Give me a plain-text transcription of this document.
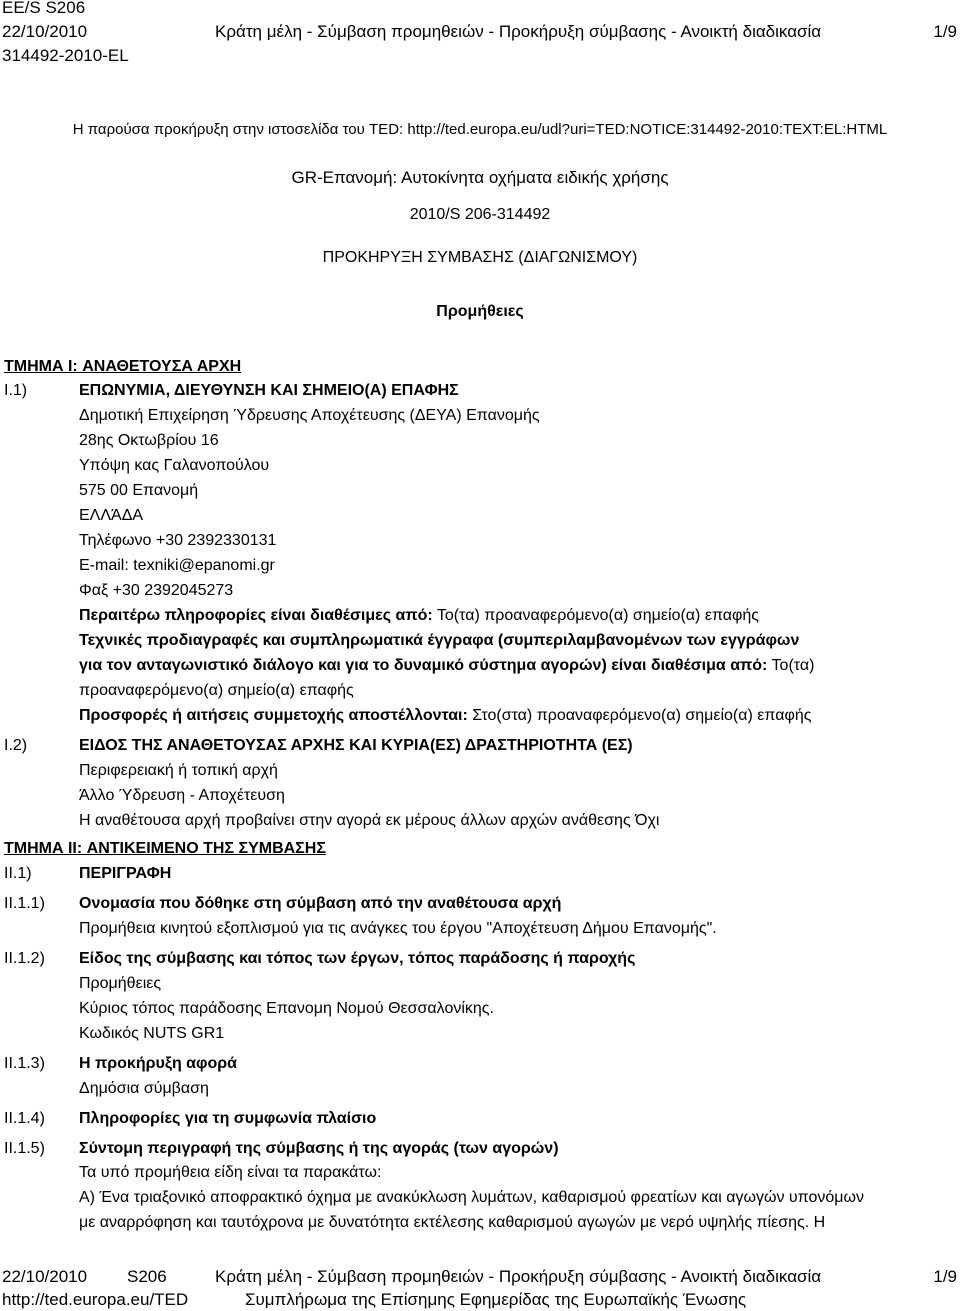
EE/S S206
22/10/2010
314492-2010-EL
Κράτη μέλη - Σύμβαση προμηθειών - Προκήρυξη σύμβασης - Ανοικτή διαδικασία	1/9
Η παρούσα προκήρυξη στην ιστοσελίδα του TED: http://ted.europa.eu/udl?uri=TED:NOTICE:314492-2010:TEXT:EL:HTML
GR-Επανομή: Αυτοκίνητα οχήματα ειδικής χρήσης
2010/S 206-314492
ΠΡΟΚΗΡΥΞΗ ΣΥΜΒΑΣΗΣ (ΔΙΑΓΩΝΙΣΜΟΥ)
Προμήθειες
ΤΜΗΜΑ I: ΑΝΑΘΕΤΟΥΣΑ ΑΡΧΗ
I.1)	ΕΠΩΝΥΜΙΑ, ΔΙΕΥΘΥΝΣΗ ΚΑΙ ΣΗΜΕΙΟ(Α) ΕΠΑΦΗΣ
Δημοτική Επιχείρηση Ύδρευσης Αποχέτευσης (ΔΕΥΑ) Επανομής
28ης Οκτωβρίου 16
Υπόψη κας Γαλανοπούλου
575 00 Επανομή
ΕΛΛΆΔΑ
Τηλέφωνο +30 2392330131
E-mail: texniki@epanomi.gr
Φαξ +30 2392045273
Περαιτέρω πληροφορίες είναι διαθέσιμες από: Το(τα) προαναφερόμενο(α) σημείο(α) επαφής
Τεχνικές προδιαγραφές και συμπληρωματικά έγγραφα (συμπεριλαμβανομένων των εγγράφων
για τον ανταγωνιστικό διάλογο και για το δυναμικό σύστημα αγορών) είναι διαθέσιμα από: Το(τα)
προαναφερόμενο(α) σημείο(α) επαφής
Προσφορές ή αιτήσεις συμμετοχής αποστέλλονται: Στο(στα) προαναφερόμενο(α) σημείο(α) επαφής
I.2)	ΕΙΔΟΣ ΤΗΣ ΑΝΑΘΕΤΟΥΣΑΣ ΑΡΧΗΣ ΚΑΙ ΚΥΡΙΑ(ΕΣ) ΔΡΑΣΤΗΡΙΟΤΗΤΑ (ΕΣ)
Περιφερειακή ή τοπική αρχή
Άλλο Ύδρευση - Αποχέτευση
Η αναθέτουσα αρχή προβαίνει στην αγορά εκ μέρους άλλων αρχών ανάθεσης Όχι
ΤΜΗΜΑ II: ΑΝΤΙΚΕΙΜΕΝΟ ΤΗΣ ΣΥΜΒΑΣΗΣ
II.1)	ΠΕΡΙΓΡΑΦΗ
II.1.1) Ονομασία που δόθηκε στη σύμβαση από την αναθέτουσα αρχή
Προμήθεια κινητού εξοπλισμού για τις ανάγκες του έργου "Αποχέτευση Δήμου Επανομής".
II.1.2) Είδος της σύμβασης και τόπος των έργων, τόπος παράδοσης ή παροχής
Προμήθειες
Κύριος τόπος παράδοσης Επανομη Νομού Θεσσαλονίκης.
Κωδικός NUTS GR1
II.1.3) Η προκήρυξη αφορά
Δημόσια σύμβαση
II.1.4) Πληροφορίες για τη συμφωνία πλαίσιο
II.1.5) Σύντομη περιγραφή της σύμβασης ή της αγοράς (των αγορών)
Τα υπό προμήθεια είδη είναι τα παρακάτω:
Α) Ένα τριαξονικό αποφρακτικό όχημα με ανακύκλωση λυμάτων, καθαρισμού φρεατίων και αγωγών υπονόμων
με αναρρόφηση και ταυτόχρονα με δυνατότητα εκτέλεσης καθαρισμού αγωγών με νερό υψηλής πίεσης. Η
22/10/2010 S206	Κράτη μέλη - Σύμβαση προμηθειών - Προκήρυξη σύμβασης - Ανοικτή διαδικασία	1/9
http://ted.europa.eu/TED	Συμπλήρωμα της Επίσημης Εφημερίδας της Ευρωπαϊκής Ένωσης
